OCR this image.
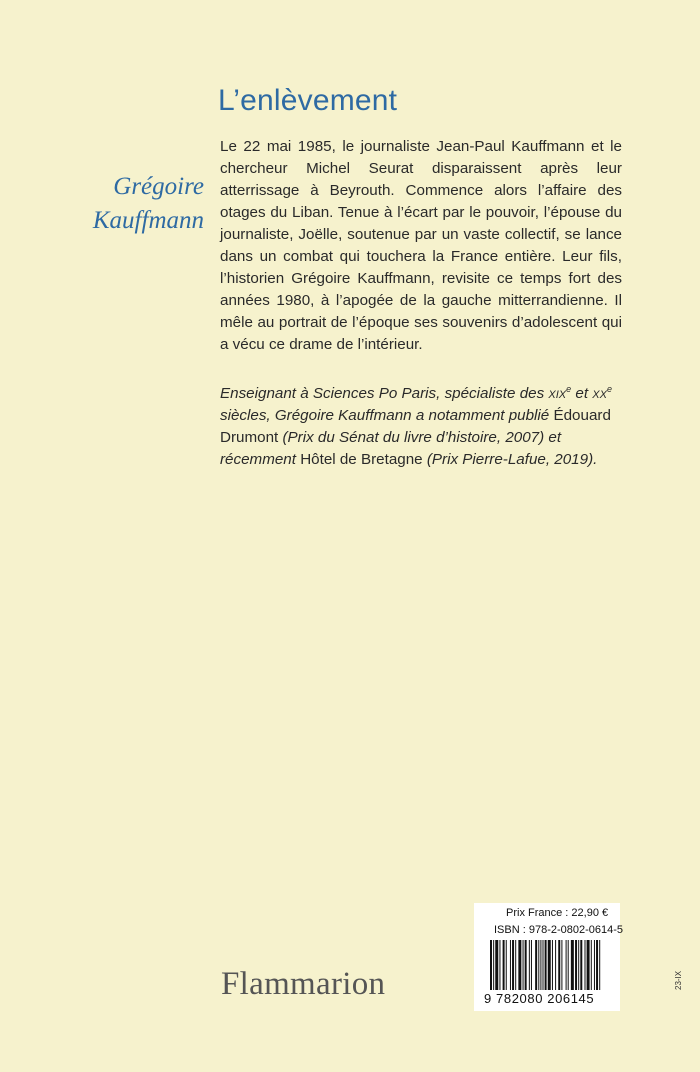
L’enlèvement
Grégoire
Kauffmann

Le 22 mai 1985, le journaliste Jean-Paul Kauffmann et le chercheur Michel Seurat disparaissent après leur atterrissage à Beyrouth. Commence alors l’affaire des otages du Liban. Tenue à l’écart par le pouvoir, l’épouse du journaliste, Joëlle, soutenue par un vaste collectif, se lance dans un combat qui touchera la France entière. Leur fils, l’historien Grégoire Kauffmann, revisite ce temps fort des années 1980, à l’apogée de la gauche mitterrandienne. Il mêle au portrait de l’époque ses souvenirs d’adolescent qui a vécu ce drame de l’intérieur.

Enseignant à Sciences Po Paris, spécialiste des xix$^e$ et $xx^e$ siècles, Grégoire Kauffmann a notamment publié Édouard Drumont (Prix du Sénat du livre d’histoire, 2007) et récemment Hôtel de Bretagne (Prix Pierre-Lafue, 2019).

Flammarion
Prix France : 22,90 €
ISBN : 978-2-0802-0614-5
9 782080 206145
23-IX
